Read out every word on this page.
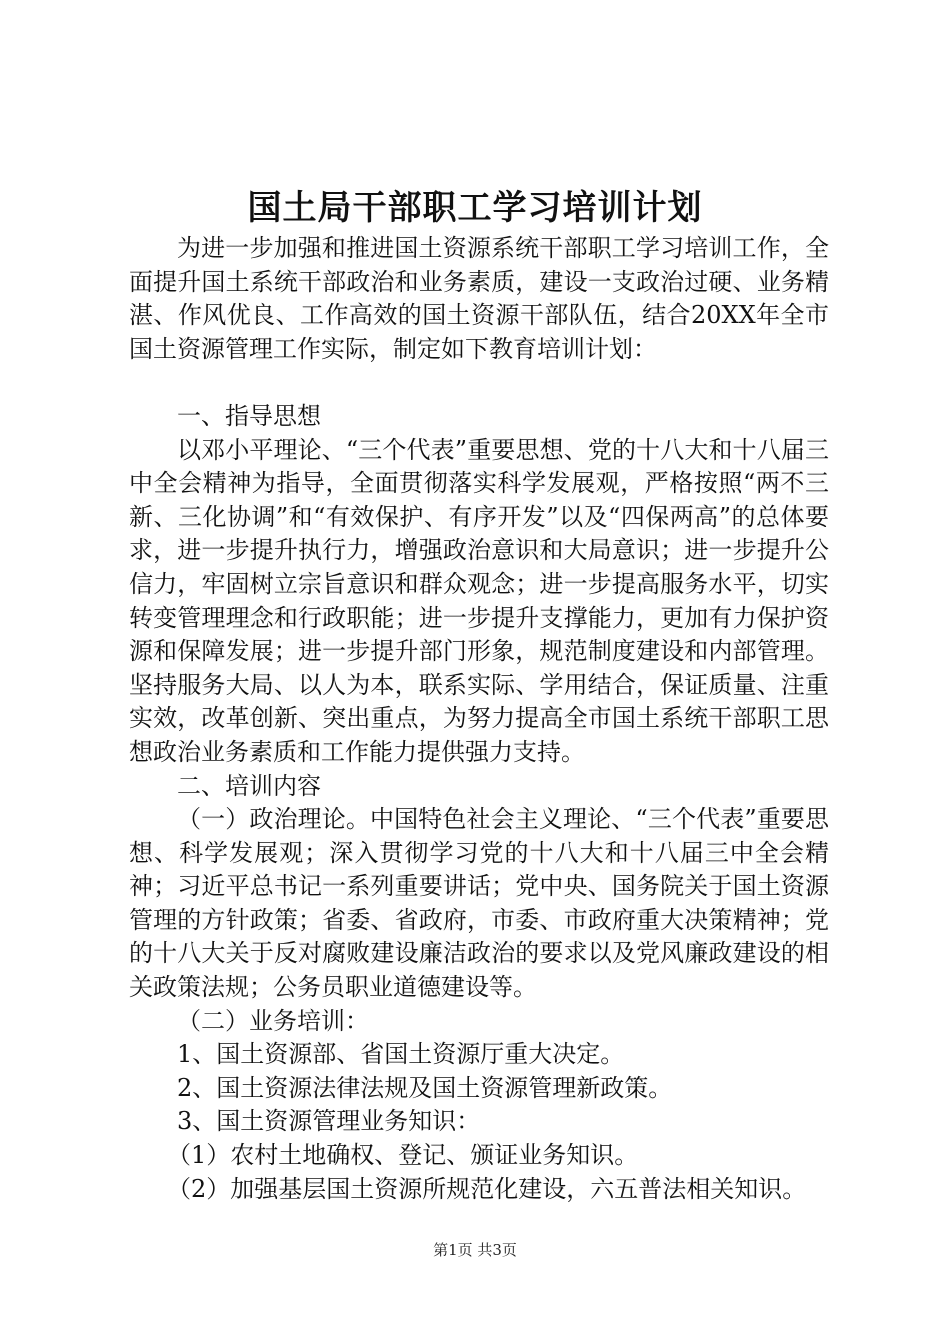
国土局干部职工学习培训计划

为进一步加强和推进国土资源系统干部职工学习培训工作，全面提升国土系统干部政治和业务素质，建设一支政治过硬、业务精湛、作风优良、工作高效的国土资源干部队伍，结合20XX年全市国土资源管理工作实际，制定如下教育培训计划：

一、指导思想

以邓小平理论、“三个代表”重要思想、党的十八大和十八届三中全会精神为指导，全面贯彻落实科学发展观，严格按照“两不三新、三化协调”和“有效保护、有序开发”以及“四保两高”的总体要求，进一步提升执行力，增强政治意识和大局意识；进一步提升公信力，牢固树立宗旨意识和群众观念；进一步提高服务水平，切实转变管理理念和行政职能；进一步提升支撑能力，更加有力保护资源和保障发展；进一步提升部门形象，规范制度建设和内部管理。坚持服务大局、以人为本，联系实际、学用结合，保证质量、注重实效，改革创新、突出重点，为努力提高全市国土系统干部职工思想政治业务素质和工作能力提供强力支持。

二、培训内容

（一）政治理论。中国特色社会主义理论、“三个代表”重要思想、科学发展观；深入贯彻学习党的十八大和十八届三中全会精神；习近平总书记一系列重要讲话；党中央、国务院关于国土资源管理的方针政策；省委、省政府，市委、市政府重大决策精神；党的十八大关于反对腐败建设廉洁政治的要求以及党风廉政建设的相关政策法规；公务员职业道德建设等。

（二）业务培训：

1、国土资源部、省国土资源厅重大决定。

2、国土资源法律法规及国土资源管理新政策。

3、国土资源管理业务知识：

（1）农村土地确权、登记、颁证业务知识。

（2）加强基层国土资源所规范化建设，六五普法相关知识。

第1页 共3页
